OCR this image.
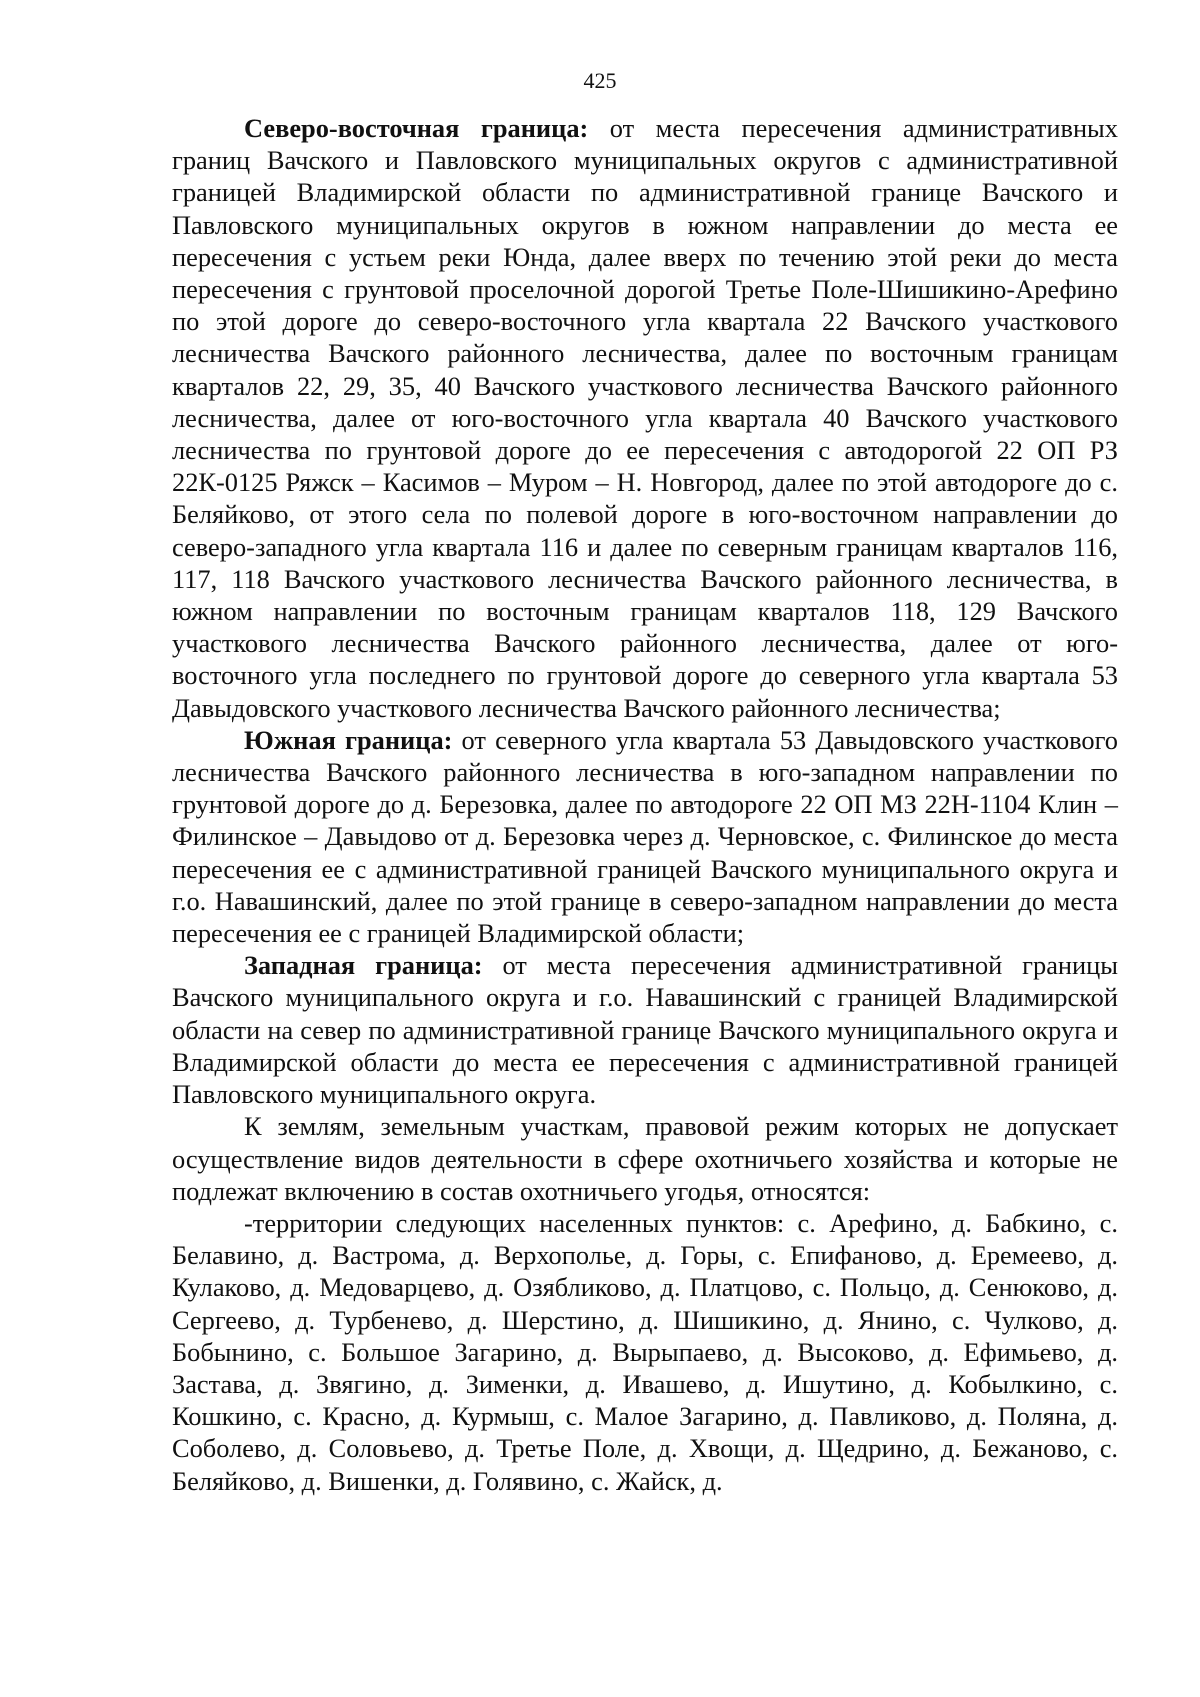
425

Северо-восточная граница: от места пересечения административных границ Вачского и Павловского муниципальных округов с административной границей Владимирской области по административной границе Вачского и Павловского муниципальных округов в южном направлении до места ее пересечения с устьем реки Юнда, далее вверх по течению этой реки до места пересечения с грунтовой проселочной дорогой Третье Поле-Шишикино-Арефино по этой дороге до северо-восточного угла квартала 22 Вачского участкового лесничества Вачского районного лесничества, далее по восточным границам кварталов 22, 29, 35, 40 Вачского участкового лесничества Вачского районного лесничества, далее от юго-восточного угла квартала 40 Вачского участкового лесничества по грунтовой дороге до ее пересечения с автодорогой 22 ОП РЗ 22К-0125 Ряжск – Касимов – Муром – Н. Новгород, далее по этой автодороге до с. Беляйково, от этого села по полевой дороге в юго-восточном направлении до северо-западного угла квартала 116 и далее по северным границам кварталов 116, 117, 118 Вачского участкового лесничества Вачского районного лесничества, в южном направлении по восточным границам кварталов 118, 129 Вачского участкового лесничества Вачского районного лесничества, далее от юго-восточного угла последнего по грунтовой дороге до северного угла квартала 53 Давыдовского участкового лесничества Вачского районного лесничества;

Южная граница: от северного угла квартала 53 Давыдовского участкового лесничества Вачского районного лесничества в юго-западном направлении по грунтовой дороге до д. Березовка, далее по автодороге 22 ОП МЗ 22Н-1104 Клин – Филинское – Давыдово от д. Березовка через д. Черновское, с. Филинское до места пересечения ее с административной границей Вачского муниципального округа и г.о. Навашинский, далее по этой границе в северо-западном направлении до места пересечения ее с границей Владимирской области;

Западная граница: от места пересечения административной границы Вачского муниципального округа и г.о. Навашинский с границей Владимирской области на север по административной границе Вачского муниципального округа и Владимирской области до места ее пересечения с административной границей Павловского муниципального округа.

К землям, земельным участкам, правовой режим которых не допускает осуществление видов деятельности в сфере охотничьего хозяйства и которые не подлежат включению в состав охотничьего угодья, относятся:

-территории следующих населенных пунктов: с. Арефино, д. Бабкино, с. Белавино, д. Вастрома, д. Верхополье, д. Горы, с. Епифаново, д. Еремеево, д. Кулаково, д. Медоварцево, д. Озябликово, д. Платцово, с. Польцо, д. Сенюково, д. Сергеево, д. Турбенево, д. Шерстино, д. Шишикино, д. Янино, с. Чулково, д. Бобынино, с. Большое Загарино, д. Вырыпаево, д. Высоково, д. Ефимьево, д. Застава, д. Звягино, д. Зименки, д. Ивашево, д. Ишутино, д. Кобылкино, с. Кошкино, с. Красно, д. Курмыш, с. Малое Загарино, д. Павликово, д. Поляна, д. Соболево, д. Соловьево, д. Третье Поле, д. Хвощи, д. Щедрино, д. Бежаново, с. Беляйково, д. Вишенки, д. Голявино, с. Жайск, д.
